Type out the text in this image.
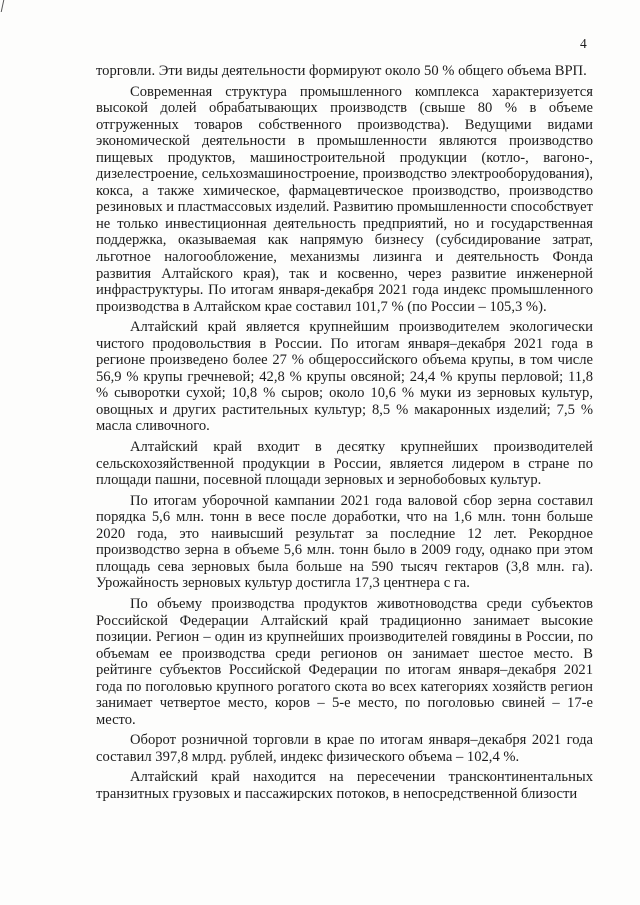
4

торговли. Эти виды деятельности формируют около 50 % общего объема ВРП.

Современная структура промышленного комплекса характеризуется высокой долей обрабатывающих производств (свыше 80 % в объеме отгруженных товаров собственного производства). Ведущими видами экономической деятельности в промышленности являются производство пищевых продуктов, машиностроительной продукции (котло-, вагоно-, дизелестроение, сельхозмашиностроение, производство электрооборудования), кокса, а также химическое, фармацевтическое производство, производство резиновых и пластмассовых изделий. Развитию промышленности способствует не только инвестиционная деятельность предприятий, но и государственная поддержка, оказываемая как напрямую бизнесу (субсидирование затрат, льготное налогообложение, механизмы лизинга и деятельность Фонда развития Алтайского края), так и косвенно, через развитие инженерной инфраструктуры. По итогам января-декабря 2021 года индекс промышленного производства в Алтайском крае составил 101,7 % (по России – 105,3 %).

Алтайский край является крупнейшим производителем экологически чистого продовольствия в России. По итогам января–декабря 2021 года в регионе произведено более 27 % общероссийского объема крупы, в том числе 56,9 % крупы гречневой; 42,8 % крупы овсяной; 24,4 % крупы перловой; 11,8 % сыворотки сухой; 10,8 % сыров; около 10,6 % муки из зерновых культур, овощных и других растительных культур; 8,5 % макаронных изделий; 7,5 % масла сливочного.

Алтайский край входит в десятку крупнейших производителей сельскохозяйственной продукции в России, является лидером в стране по площади пашни, посевной площади зерновых и зернобобовых культур.

По итогам уборочной кампании 2021 года валовой сбор зерна составил порядка 5,6 млн. тонн в весе после доработки, что на 1,6 млн. тонн больше 2020 года, это наивысший результат за последние 12 лет. Рекордное производство зерна в объеме 5,6 млн. тонн было в 2009 году, однако при этом площадь сева зерновых была больше на 590 тысяч гектаров (3,8 млн. га). Урожайность зерновых культур достигла 17,3 центнера с га.

По объему производства продуктов животноводства среди субъектов Российской Федерации Алтайский край традиционно занимает высокие позиции. Регион – один из крупнейших производителей говядины в России, по объемам ее производства среди регионов он занимает шестое место. В рейтинге субъектов Российской Федерации по итогам января–декабря 2021 года по поголовью крупного рогатого скота во всех категориях хозяйств регион занимает четвертое место, коров – 5-е место, по поголовью свиней – 17-е место.

Оборот розничной торговли в крае по итогам января–декабря 2021 года составил 397,8 млрд. рублей, индекс физического объема – 102,4 %.

Алтайский край находится на пересечении трансконтинентальных транзитных грузовых и пассажирских потоков, в непосредственной близости
